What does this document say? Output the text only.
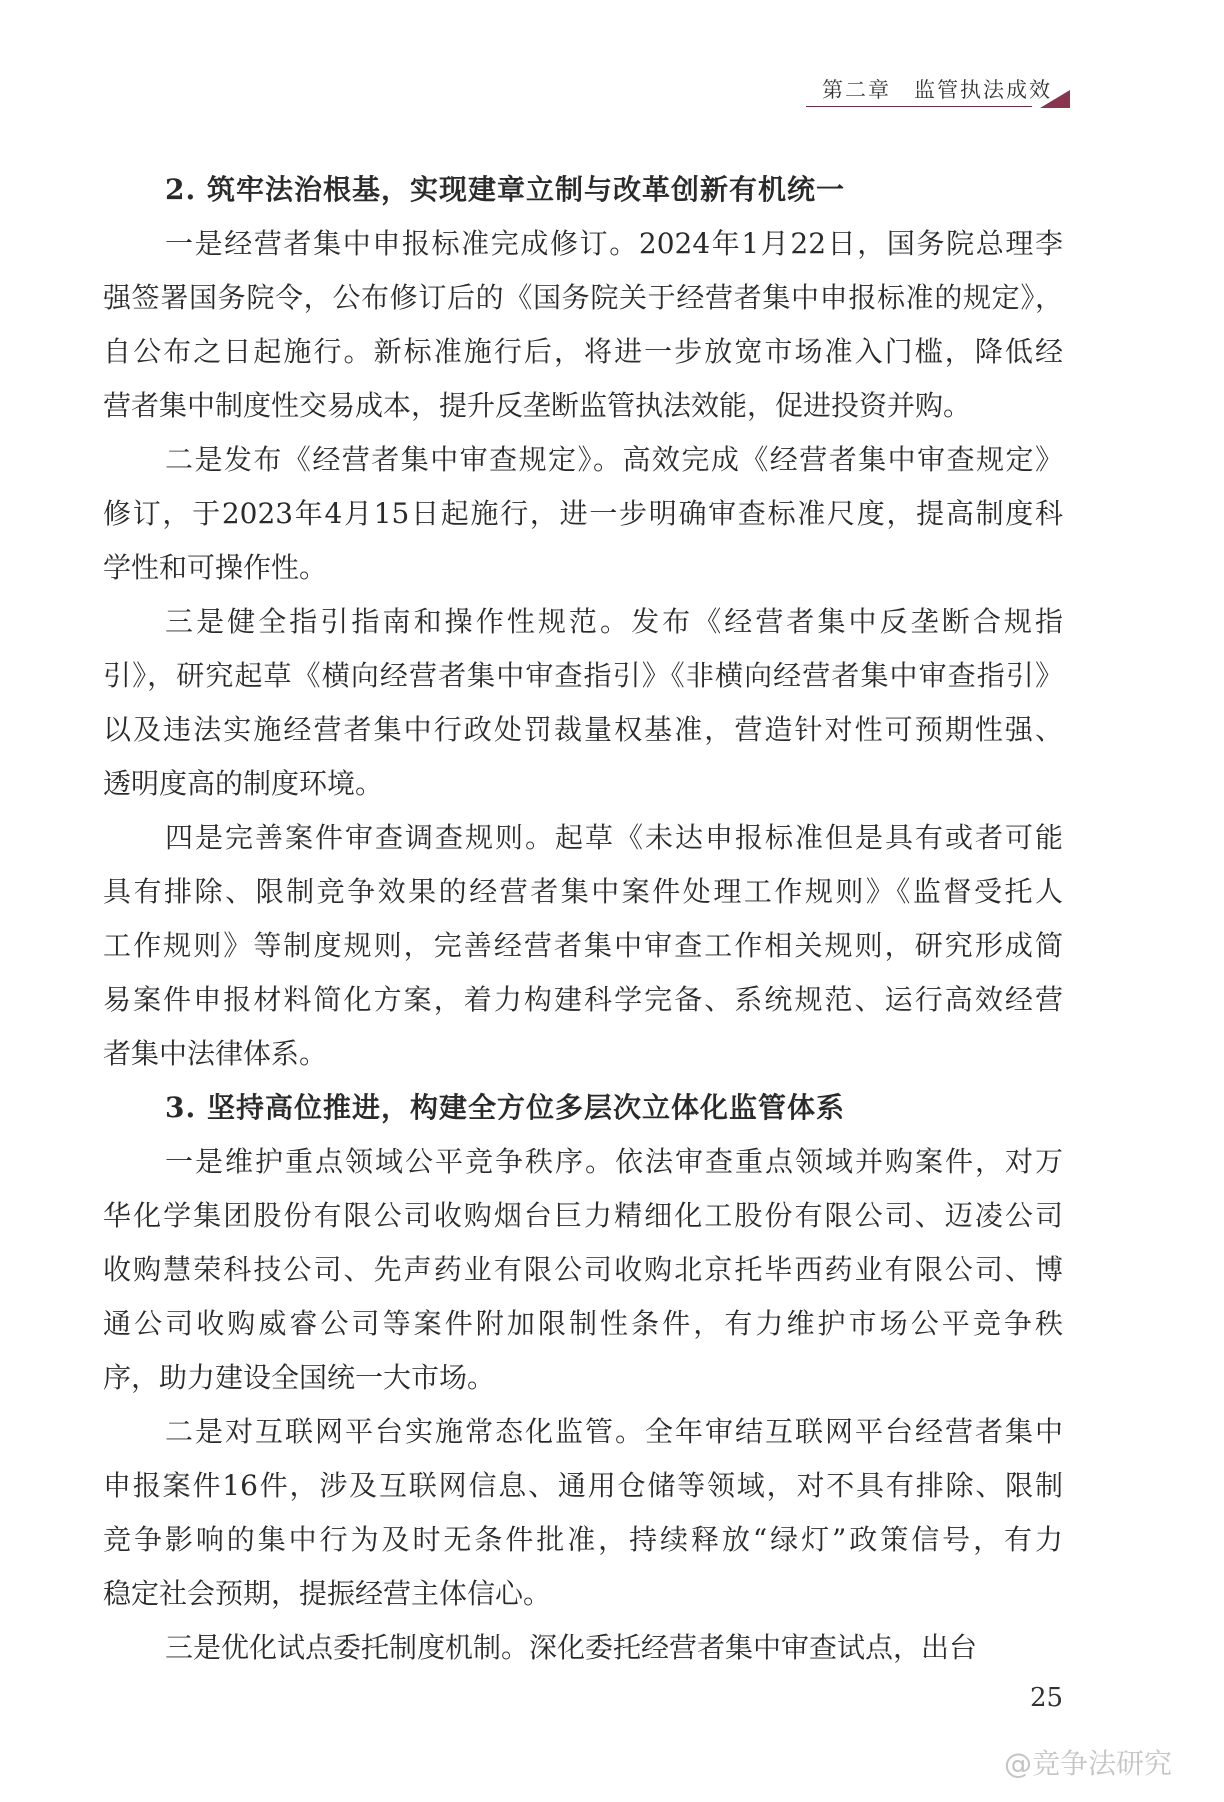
第二章　监管执法成效
2. 筑牢法治根基，实现建章立制与改革创新有机统一
一是经营者集中申报标准完成修订。2024年1月22日，国务院总理李
强签署国务院令，公布修订后的《国务院关于经营者集中申报标准的规定》，
自公布之日起施行。新标准施行后，将进一步放宽市场准入门槛，降低经
营者集中制度性交易成本，提升反垄断监管执法效能，促进投资并购。
二是发布《经营者集中审查规定》。高效完成《经营者集中审查规定》
修订，于2023年4月15日起施行，进一步明确审查标准尺度，提高制度科
学性和可操作性。
三是健全指引指南和操作性规范。发布《经营者集中反垄断合规指
引》，研究起草《横向经营者集中审查指引》《非横向经营者集中审查指引》
以及违法实施经营者集中行政处罚裁量权基准，营造针对性可预期性强、
透明度高的制度环境。
四是完善案件审查调查规则。起草《未达申报标准但是具有或者可能
具有排除、限制竞争效果的经营者集中案件处理工作规则》《监督受托人
工作规则》等制度规则，完善经营者集中审查工作相关规则，研究形成简
易案件申报材料简化方案，着力构建科学完备、系统规范、运行高效经营
者集中法律体系。
3. 坚持高位推进，构建全方位多层次立体化监管体系
一是维护重点领域公平竞争秩序。依法审查重点领域并购案件，对万
华化学集团股份有限公司收购烟台巨力精细化工股份有限公司、迈凌公司
收购慧荣科技公司、先声药业有限公司收购北京托毕西药业有限公司、博
通公司收购威睿公司等案件附加限制性条件，有力维护市场公平竞争秩
序，助力建设全国统一大市场。
二是对互联网平台实施常态化监管。全年审结互联网平台经营者集中
申报案件16件，涉及互联网信息、通用仓储等领域，对不具有排除、限制
竞争影响的集中行为及时无条件批准，持续释放“绿灯”政策信号，有力
稳定社会预期，提振经营主体信心。
三是优化试点委托制度机制。深化委托经营者集中审查试点，出台
25
@竞争法研究
